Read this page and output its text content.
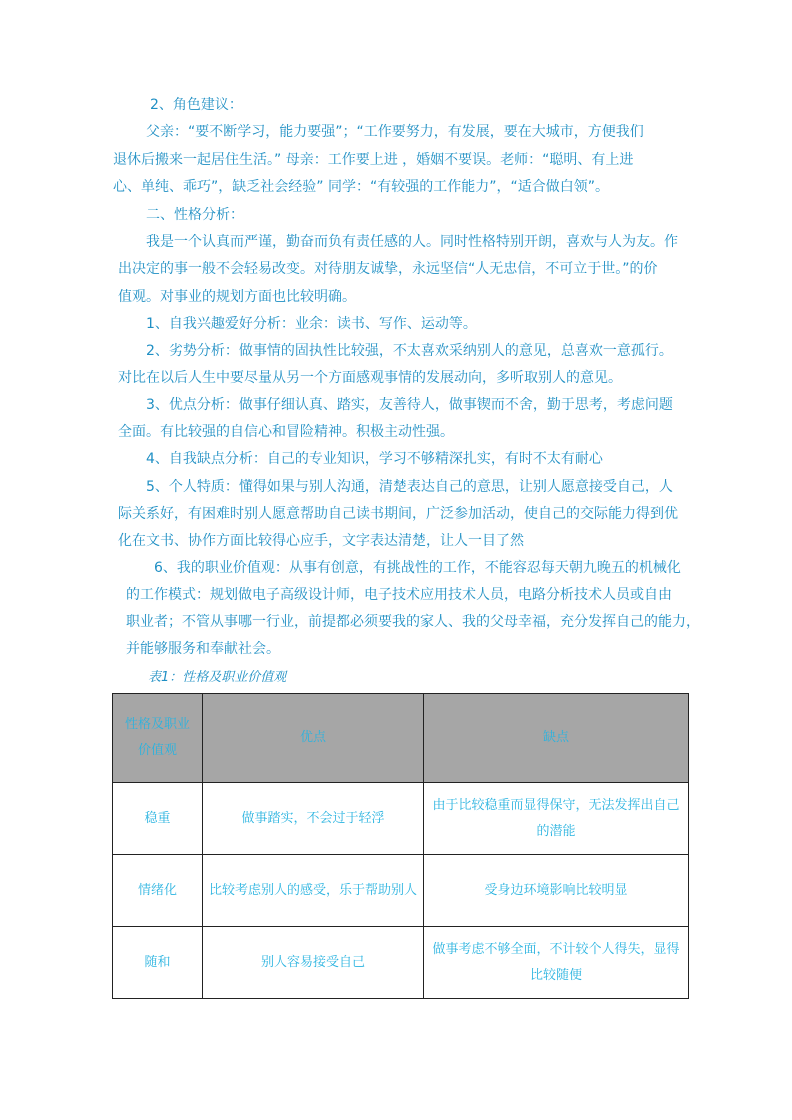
2、角色建议：
父亲：“要不断学习，能力要强”；“工作要努力，有发展，要在大城市，方便我们
退休后搬来一起居住生活。” 母亲：工作要上进 ，婚姻不要误。老师：“聪明、有上进
心、单纯、乖巧”，缺乏社会经验” 同学：“有较强的工作能力”，“适合做白领”。
二、性格分析：
我是一个认真而严谨，勤奋而负有责任感的人。同时性格特别开朗，喜欢与人为友。作
出决定的事一般不会轻易改变。对待朋友诚挚，永远坚信“人无忠信，不可立于世。”的价
值观。对事业的规划方面也比较明确。
1、自我兴趣爱好分析：业余：读书、写作、运动等。
2、劣势分析：做事情的固执性比较强，不太喜欢采纳别人的意见，总喜欢一意孤行。
对比在以后人生中要尽量从另一个方面感观事情的发展动向，多听取别人的意见。
3、优点分析：做事仔细认真、踏实，友善待人，做事锲而不舍，勤于思考，考虑问题
全面。有比较强的自信心和冒险精神。积极主动性强。
4、自我缺点分析：自己的专业知识，学习不够精深扎实，有时不太有耐心
5、个人特质：懂得如果与别人沟通，清楚表达自己的意思，让别人愿意接受自己，人
际关系好，有困难时别人愿意帮助自己读书期间，广泛参加活动，使自己的交际能力得到优
化在文书、协作方面比较得心应手，文字表达清楚，让人一目了然
6、我的职业价值观：从事有创意，有挑战性的工作，不能容忍每天朝九晚五的机械化
的工作模式：规划做电子高级设计师，电子技术应用技术人员，电路分析技术人员或自由
职业者；不管从事哪一行业，前提都必须要我的家人、我的父母幸福，充分发挥自己的能力，
并能够服务和奉献社会。
表1：性格及职业价值观
性格及职业价值观	优点	缺点
稳重	做事踏实，不会过于轻浮	由于比较稳重而显得保守，无法发挥出自己的潜能
情绪化	比较考虑别人的感受，乐于帮助别人	受身边环境影响比较明显
随和	别人容易接受自己	做事考虑不够全面，不计较个人得失，显得比较随便
